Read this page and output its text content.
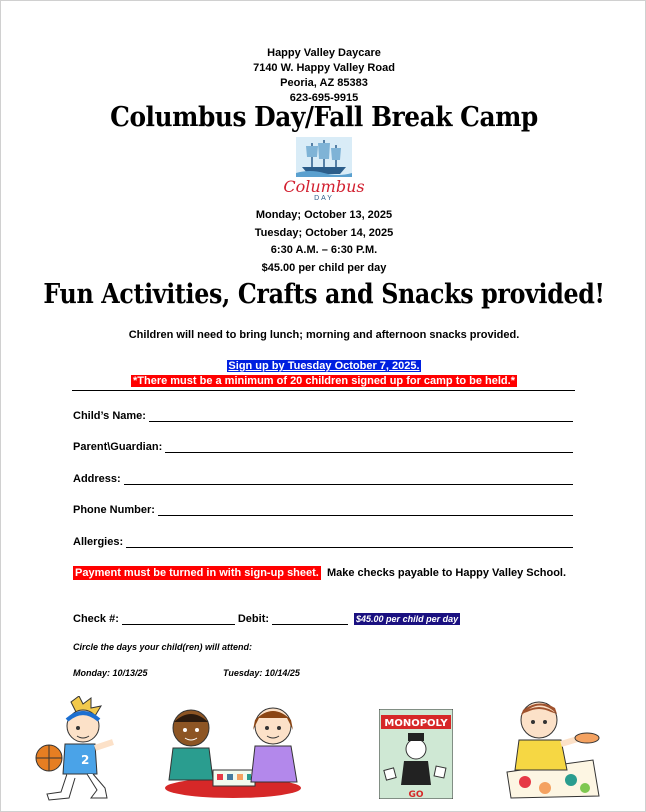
Happy Valley Daycare
7140 W. Happy Valley Road
Peoria, AZ 85383
623-695-9915
Columbus Day/Fall Break Camp
Columbus
DAY
Monday; October 13, 2025
Tuesday; October 14, 2025
6:30 A.M. – 6:30 P.M.
$45.00 per child per day
Fun Activities, Crafts and Snacks provided!
Children will need to bring lunch; morning and afternoon snacks provided.
Sign up by Tuesday October 7, 2025.
*There must be a minimum of 20 children signed up for camp to be held.*
Child’s Name:
Parent\Guardian:
Address:
Phone Number:
Allergies:
Payment must be turned in with sign-up sheet. Make checks payable to Happy Valley School.
Check #:	Debit:	$45.00 per child per day
Circle the days your child(ren) will attend:
Monday: 10/13/25	Tuesday: 10/14/25
2
MONOPOLY
GO
